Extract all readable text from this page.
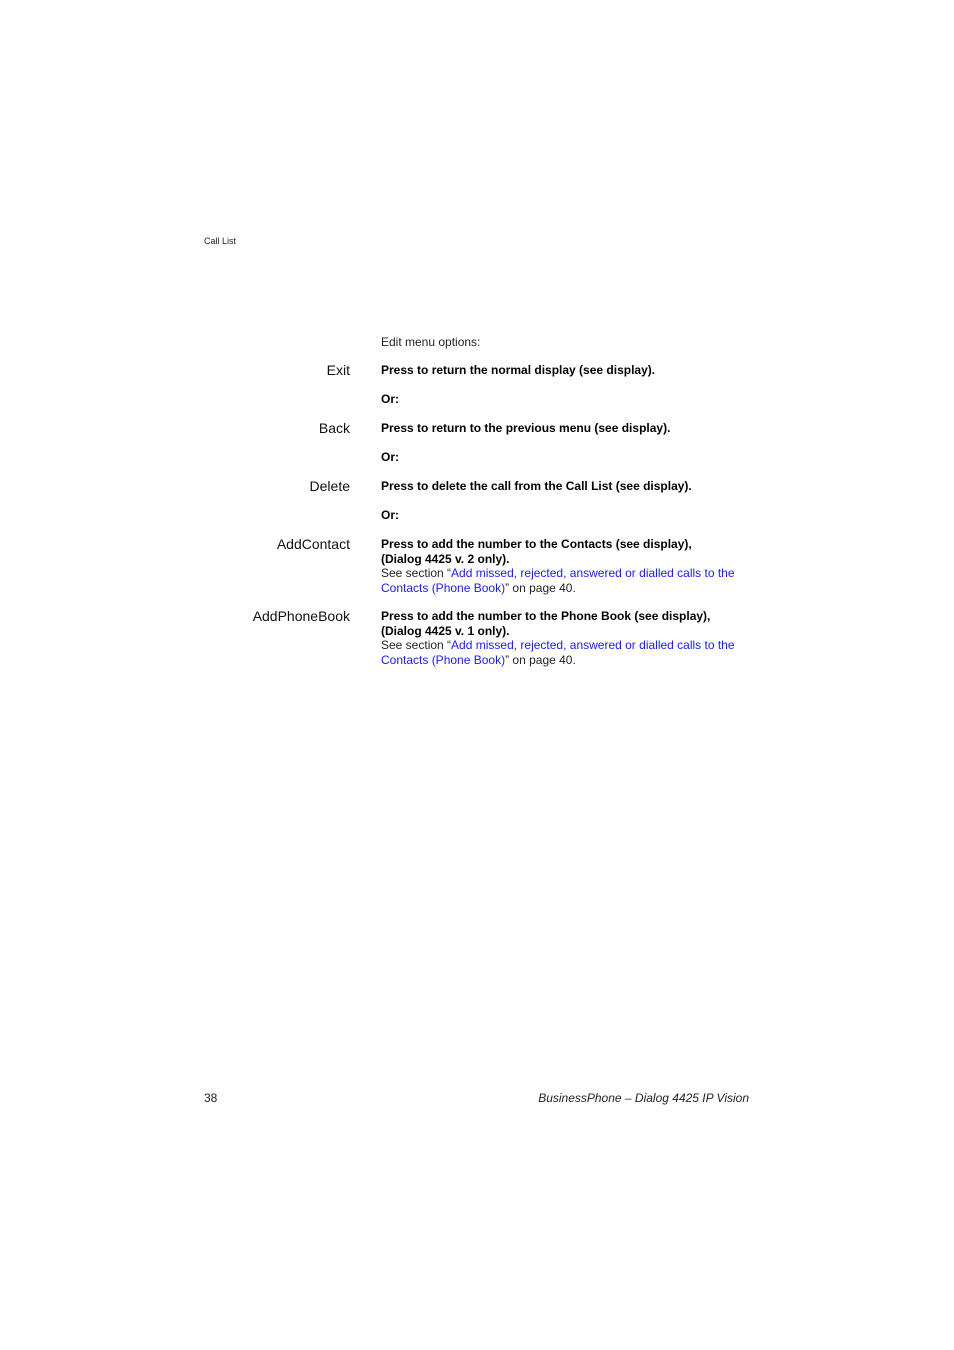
Call List
Edit menu options:
Exit	Press to return the normal display (see display).
Or:
Back	Press to return to the previous menu (see display).
Or:
Delete	Press to delete the call from the Call List (see display).
Or:
AddContact	Press to add the number to the Contacts (see display),
(Dialog 4425 v. 2 only).
See section “Add missed, rejected, answered or dialled calls to the Contacts (Phone Book)” on page 40.
AddPhoneBook	Press to add the number to the Phone Book (see display),
(Dialog 4425 v. 1 only).
See section “Add missed, rejected, answered or dialled calls to the Contacts (Phone Book)” on page 40.
38	BusinessPhone – Dialog 4425 IP Vision
